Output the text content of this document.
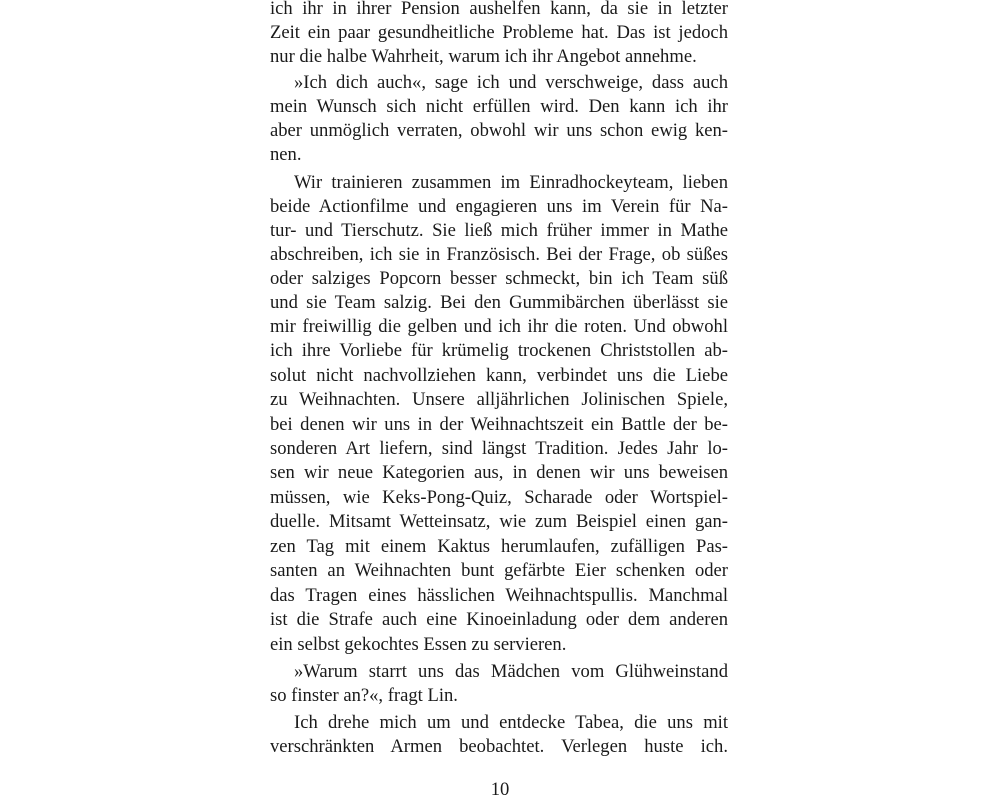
ich ihr in ihrer Pension aushelfen kann, da sie in letzter
Zeit ein paar gesundheitliche Probleme hat. Das ist jedoch
nur die halbe Wahrheit, warum ich ihr Angebot annehme.
»Ich dich auch«, sage ich und verschweige, dass auch
mein Wunsch sich nicht erfüllen wird. Den kann ich ihr
aber unmöglich verraten, obwohl wir uns schon ewig ken-
nen.
Wir trainieren zusammen im Einradhockeyteam, lieben
beide Actionfilme und engagieren uns im Verein für Na-
tur- und Tierschutz. Sie ließ mich früher immer in Mathe
abschreiben, ich sie in Französisch. Bei der Frage, ob süßes
oder salziges Popcorn besser schmeckt, bin ich Team süß
und sie Team salzig. Bei den Gummibärchen überlässt sie
mir freiwillig die gelben und ich ihr die roten. Und obwohl
ich ihre Vorliebe für krümelig trockenen Christstollen ab-
solut nicht nachvollziehen kann, verbindet uns die Liebe
zu Weihnachten. Unsere alljährlichen Jolinischen Spiele,
bei denen wir uns in der Weihnachtszeit ein Battle der be-
sonderen Art liefern, sind längst Tradition. Jedes Jahr lo-
sen wir neue Kategorien aus, in denen wir uns beweisen
müssen, wie Keks-Pong-Quiz, Scharade oder Wortspiel-
duelle. Mitsamt Wetteinsatz, wie zum Beispiel einen gan-
zen Tag mit einem Kaktus herumlaufen, zufälligen Pas-
santen an Weihnachten bunt gefärbte Eier schenken oder
das Tragen eines hässlichen Weihnachtspullis. Manchmal
ist die Strafe auch eine Kinoeinladung oder dem anderen
ein selbst gekochtes Essen zu servieren.
»Warum starrt uns das Mädchen vom Glühweinstand
so finster an?«, fragt Lin.
Ich drehe mich um und entdecke Tabea, die uns mit
verschränkten Armen beobachtet. Verlegen huste ich.
10
